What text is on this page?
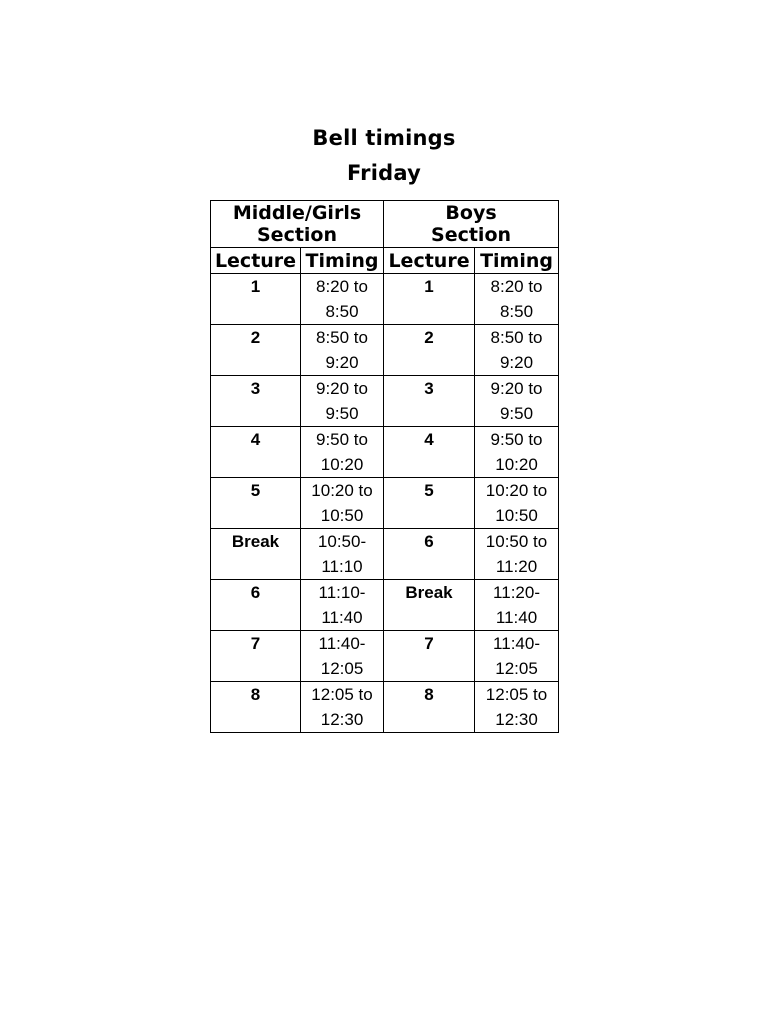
Bell timings
Friday
Middle/Girls
Section		Boys
Section	

Lecture	Timing	Lecture	Timing

1	8:20 to
8:50	1	8:20 to
8:50

2	8:50 to
9:20	2	8:50 to
9:20

3	9:20 to
9:50	3	9:20 to
9:50

4	9:50 to
10:20	4	9:50 to
10:20

5	10:20 to
10:50	5	10:20 to
10:50

Break	10:50-
11:10	6	10:50 to
11:20

6	11:10-
11:40	Break	11:20-
11:40

7	11:40-
12:05	7	11:40-
12:05

8	12:05 to
12:30	8	12:05 to
12:30
